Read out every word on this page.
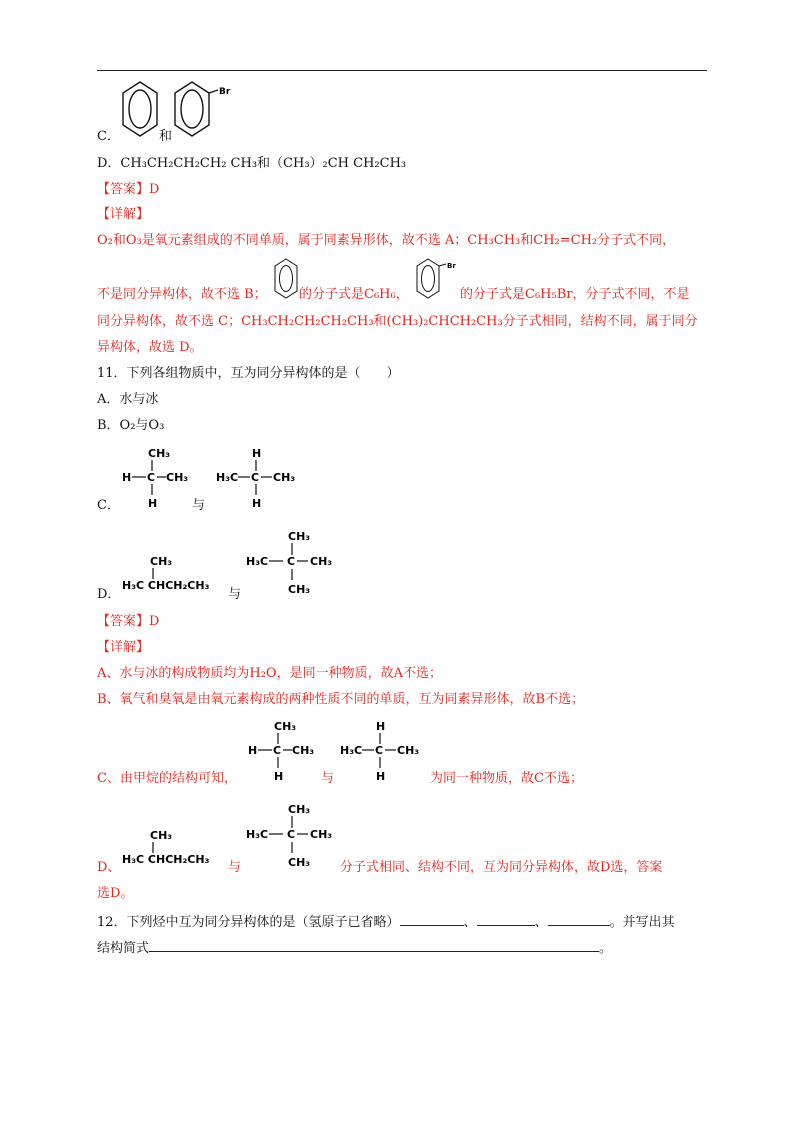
Br
C．	和
D．CH₃CH₂CH₂CH₂ CH₃和（CH₃）₂CH CH₂CH₃
【答案】D
【详解】
O₂和O₃是氧元素组成的不同单质，属于同素异形体，故不选 A；CH₃CH₃和CH₂=CH₂分子式不同，
Br
不是同分异构体，故不选 B； 的分子式是C₆H₆，	的分子式是C₆H₅Br，分子式不同，不是
同分异构体，故不选 C；CH₃CH₂CH₂CH₂CH₃和(CH₃)₂CHCH₂CH₃分子式相同，结构不同，属于同分
异构体，故选 D。
11．下列各组物质中，互为同分异构体的是（　　）
A．水与冰
B．O₂与O₃
CH₃
H C CH₃
H
C．	与
H
H₃C C CH₃
H
CH₃
H₃C CHCH₂CH₃
D．	与
CH₃
H₃C C CH₃
CH₃
【答案】D
【详解】
A、水与冰的构成物质均为H₂O，是同一种物质，故A不选；
B、氧气和臭氧是由氧元素构成的两种性质不同的单质，互为同素异形体，故B不选；
CH₃
H C CH₃
H
C、由甲烷的结构可知，	与
H
H₃C C CH₃
H	为同一种物质，故C不选；
CH₃
H₃C CHCH₂CH₃
D、	与
CH₃
H₃C C CH₃
CH₃ 分子式相同、结构不同，互为同分异构体，故D选，答案
选D。
12．下列烃中互为同分异构体的是（氢原子已省略）	、	、	。并写出其
结构简式	。
